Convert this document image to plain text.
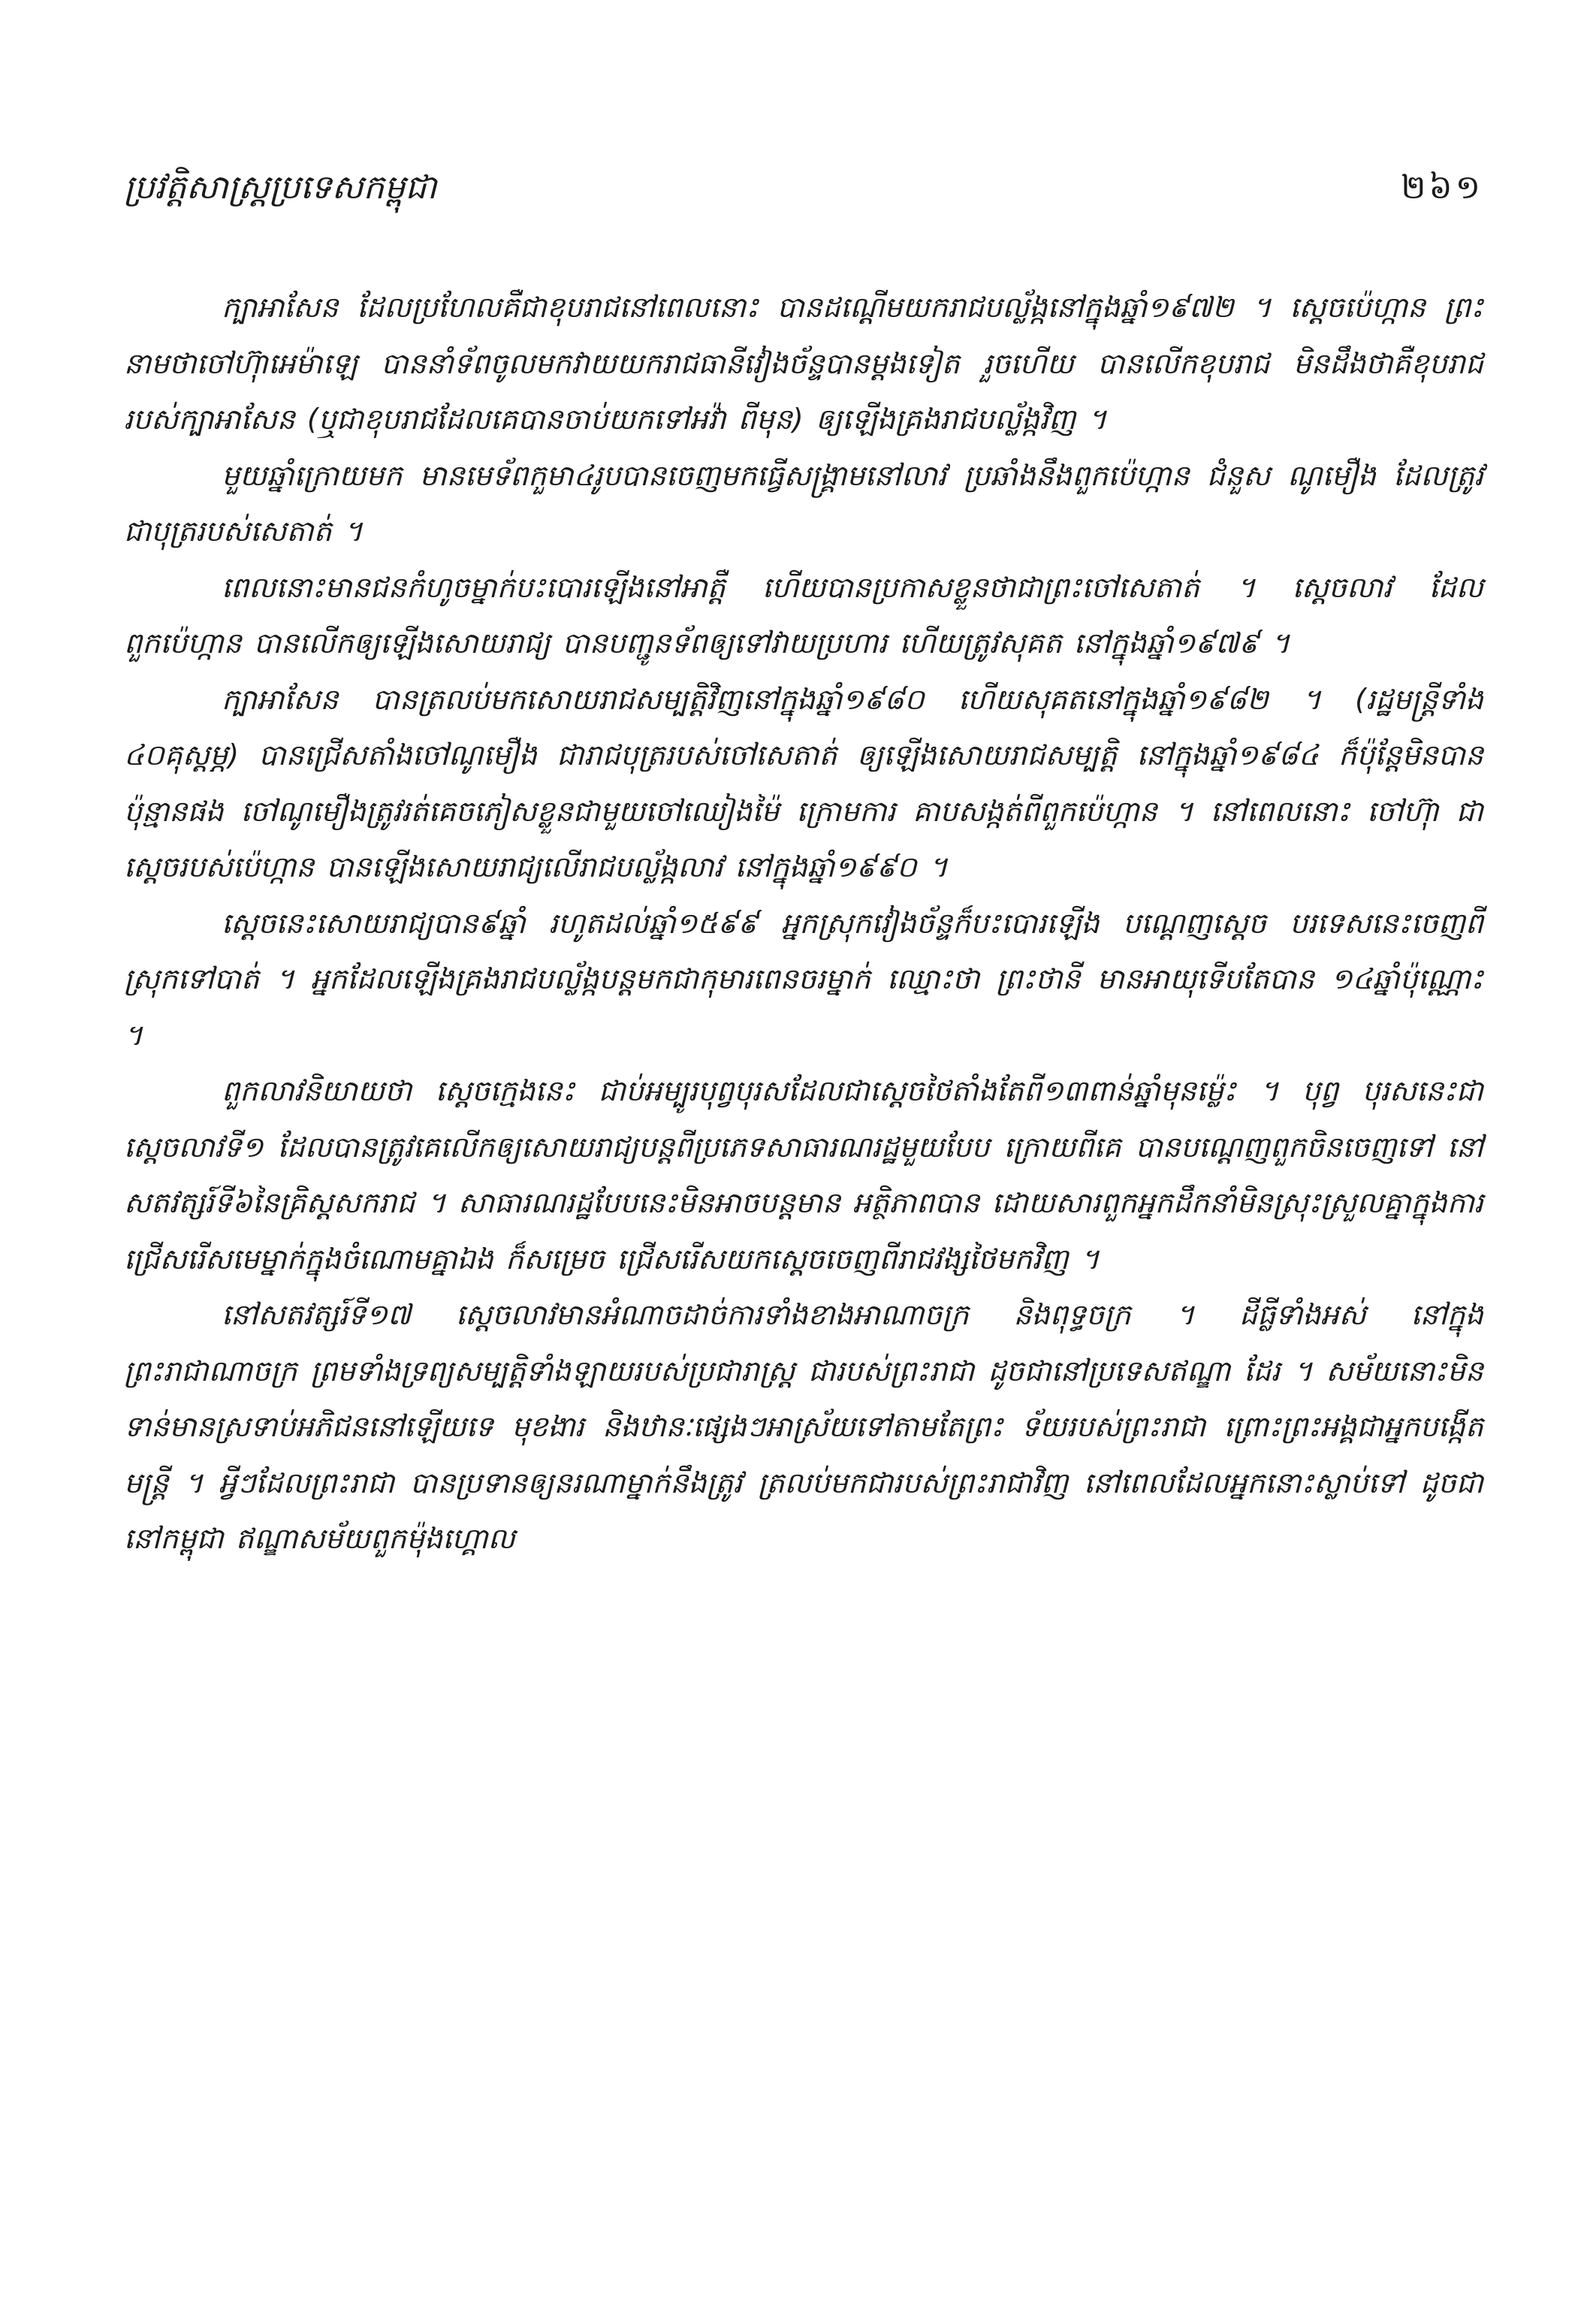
ប្រវត្តិសាស្ត្រប្រទេសកម្ពុជា	២៦១

ក្បាអាសែន ដែលប្រហែលគឺជាខុបរាជនៅពេលនោះ បានដណ្ដើមយករាជបល្ល័ង្កនៅក្នុងឆ្នាំ១៩៧២ ។ ស្ដេចប៉េហ្កាន ព្រះនាមថាចៅហ៊ុាអេម៉ាឡេ បាននាំទ័ពចូលមកវាយយករាជធានីវៀងច័ន្ទបានម្ដងទៀត រួចហើយ បានលើកខុបរាជ មិនដឹងថាគឺខុបរាជរបស់ក្បាអាសែន (ឬជាខុបរាជដែលគេបានចាប់យកទៅអវ៉ា ពីមុន) ឲ្យឡើងគ្រងរាជបល្ល័ង្កវិញ ។

មួយឆ្នាំក្រោយមក មានមេទ័ពកួមា៤រូបបានចេញមកធ្វើសង្គ្រាមនៅលាវ ប្រឆាំងនឹងពួកប៉េហ្កាន ជំនួស ណូមឿង ដែលត្រូវជាបុត្ររបស់សេតាត់ ។

ពេលនោះមានជនកំហូចម្នាក់បះបោរឡើងនៅអាត្ដឺ ហើយបានប្រកាសខ្លួនថាជាព្រះចៅសេតាត់ ។ ស្ដេចលាវ ដែលពួកប៉េហ្កាន បានលើកឲ្យឡើងសោយរាជ្យ បានបញ្ជូនទ័ពឲ្យទៅវាយប្រហារ ហើយត្រូវសុគត នៅក្នុងឆ្នាំ១៩៧៩ ។

ក្បាអាសែន បានត្រលប់មកសោយរាជសម្បត្តិវិញនៅក្នុងឆ្នាំ១៩៨០ ហើយសុគតនៅក្នុងឆ្នាំ១៩៨២ ។ (រដ្ឋមន្ត្រីទាំង ៤០គុស្តម្ភ) បានជ្រើសតាំងចៅណូមឿង ជារាជបុត្ររបស់ចៅសេតាត់ ឲ្យឡើងសោយរាជសម្បត្តិ នៅក្នុងឆ្នាំ១៩៨៤ ក៏ប៉ុន្តែមិនបានប៉ុន្មានផង ចៅណូមឿងត្រូវរត់គេចភៀសខ្លួនជាមួយចៅឈៀងម៉ៃ ក្រោមការ គាបសង្កត់ពីពួកប៉េហ្កាន ។ នៅពេលនោះ ចៅហ៊ុា ជាស្ដេចរបស់ប៉េហ្កាន បានឡើងសោយរាជ្យលើរាជបល្ល័ង្កលាវ នៅក្នុងឆ្នាំ១៩៩០ ។

ស្ដេចនេះសោយរាជ្យបាន៩ឆ្នាំ រហូតដល់ឆ្នាំ១៥៩៩ អ្នកស្រុកវៀងច័ន្ទក៏បះបោរឡើង បណ្ដេញស្ដេច បរទេសនេះចេញពីស្រុកទៅបាត់ ។ អ្នកដែលឡើងគ្រងរាជបល្ល័ង្កបន្តមកជាកុមារពេនចរម្នាក់ ឈ្មោះថា ព្រះថានី មានអាយុទើបតែបាន ១៤ឆ្នាំប៉ុណ្ណោះ ។

ពួកលាវនិយាយថា ស្ដេចក្មេងនេះ ជាប់អម្បូរបុព្វបុរសដែលជាស្ដេចថៃតាំងតែពី១៣ពាន់ឆ្នាំមុនម៉្លេះ ។ បុព្វ បុរសនេះជាស្ដេចលាវទី១ ដែលបានត្រូវគេលើកឲ្យសោយរាជ្យបន្តពីប្រភេទសាធារណរដ្ឋមួយបែប ក្រោយពីគេ បានបណ្ដេញពួកចិនចេញទៅ នៅសតវត្សរ៍ទី៦នៃគ្រិស្តសករាជ ។ សាធារណរដ្ឋបែបនេះមិនអាចបន្តមាន អត្ថិភាពបាន ដោយសារពួកអ្នកដឹកនាំមិនស្រុះស្រួលគ្នាក្នុងការជ្រើសរើសមេម្នាក់ក្នុងចំណោមគ្នាឯង ក៏សម្រេច ជ្រើសរើសយកស្ដេចចេញពីរាជវង្សថៃមកវិញ ។

នៅសតវត្សរ៍ទី១៧ ស្ដេចលាវមានអំណាចដាច់ការទាំងខាងអាណាចក្រ និងពុទ្ធចក្រ ។ ដីធ្លីទាំងអស់ នៅក្នុង ព្រះរាជាណាចក្រ ព្រមទាំងទ្រព្យសម្បត្តិទាំងឡាយរបស់ប្រជារាស្ត្រ ជារបស់ព្រះរាជា ដូចជានៅប្រទេសឥណ្ឌា ដែរ ។ សម័យនោះមិនទាន់មានស្រទាប់អភិជននៅឡើយទេ មុខងារ និងឋានៈផ្សេងៗអាស្រ័យទៅតាមតែព្រះ ទ័យរបស់ព្រះរាជា ព្រោះព្រះអង្គជាអ្នកបង្កើតមន្ត្រី ។ អ្វីៗដែលព្រះរាជា បានប្រទានឲ្យនរណាម្នាក់នឹងត្រូវ ត្រលប់មកជារបស់ព្រះរាជាវិញ នៅពេលដែលអ្នកនោះស្លាប់ទៅ ដូចជានៅកម្ពុជា ឥណ្ឌាសម័យពួកម៉ុងហ្គោល
